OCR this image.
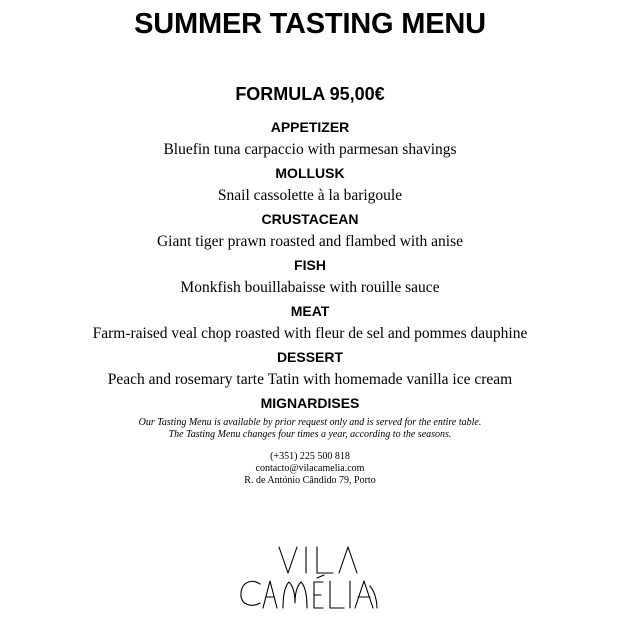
SUMMER TASTING MENU
FORMULA 95,00€
APPETIZER
Bluefin tuna carpaccio with parmesan shavings
MOLLUSK
Snail cassolette à la barigoule
CRUSTACEAN
Giant tiger prawn roasted and flambed with anise
FISH
Monkfish bouillabaisse with rouille sauce
MEAT
Farm-raised veal chop roasted with fleur de sel and pommes dauphine
DESSERT
Peach and rosemary tarte Tatin with homemade vanilla ice cream
MIGNARDISES
Our Tasting Menu is available by prior request only and is served for the entire table.
The Tasting Menu changes four times a year, according to the seasons.
(+351) 225 500 818
contacto@vilacamelia.com
R. de António Cândido 79, Porto
